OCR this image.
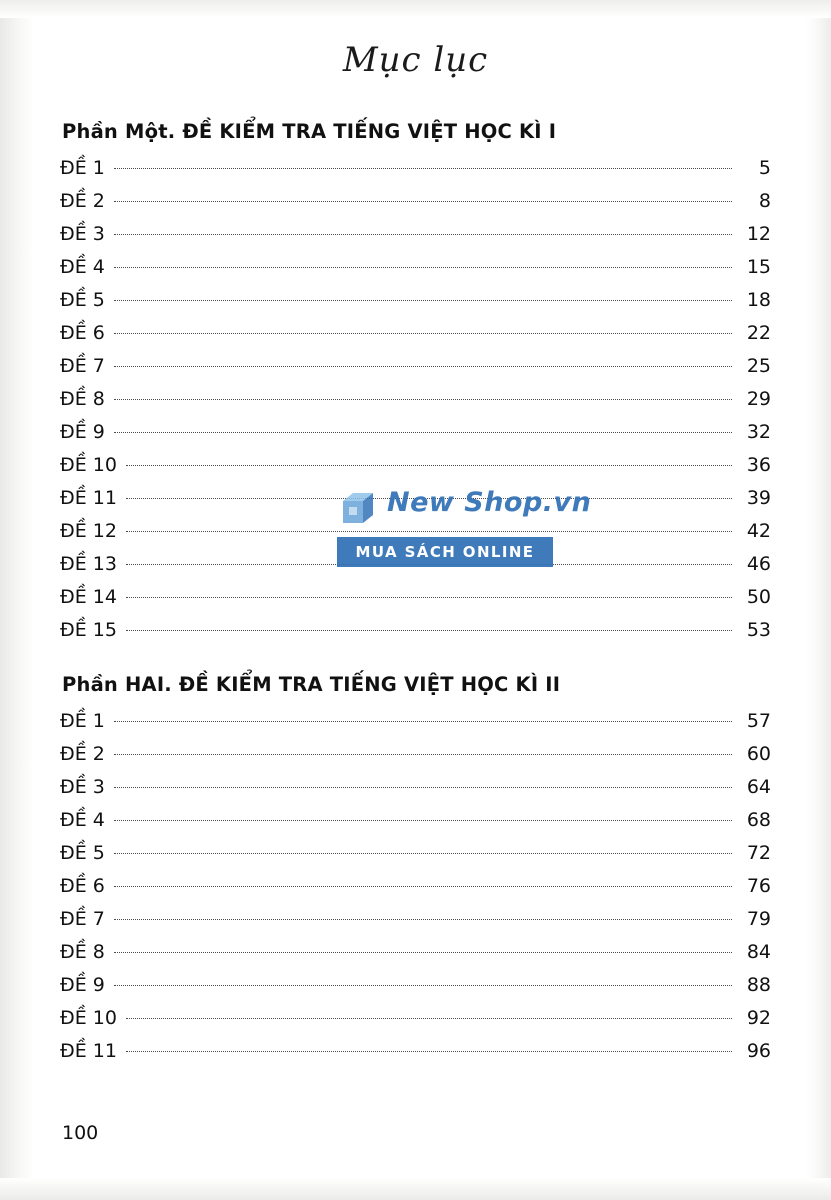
Mục lục
Phần Một. ĐỀ KIỂM TRA TIẾNG VIỆT HỌC KÌ I
ĐỀ 1	5
ĐỀ 2	8
ĐỀ 3	12
ĐỀ 4	15
ĐỀ 5	18
ĐỀ 6	22
ĐỀ 7	25
ĐỀ 8	29
ĐỀ 9	32
ĐỀ 10	36
ĐỀ 11	39
ĐỀ 12	42
ĐỀ 13	46
ĐỀ 14	50
ĐỀ 15	53
Phần HAI. ĐỀ KIỂM TRA TIẾNG VIỆT HỌC KÌ II
ĐỀ 1	57
ĐỀ 2	60
ĐỀ 3	64
ĐỀ 4	68
ĐỀ 5	72
ĐỀ 6	76
ĐỀ 7	79
ĐỀ 8	84
ĐỀ 9	88
ĐỀ 10	92
ĐỀ 11	96
100
New Shop.vn
MUA SÁCH ONLINE
